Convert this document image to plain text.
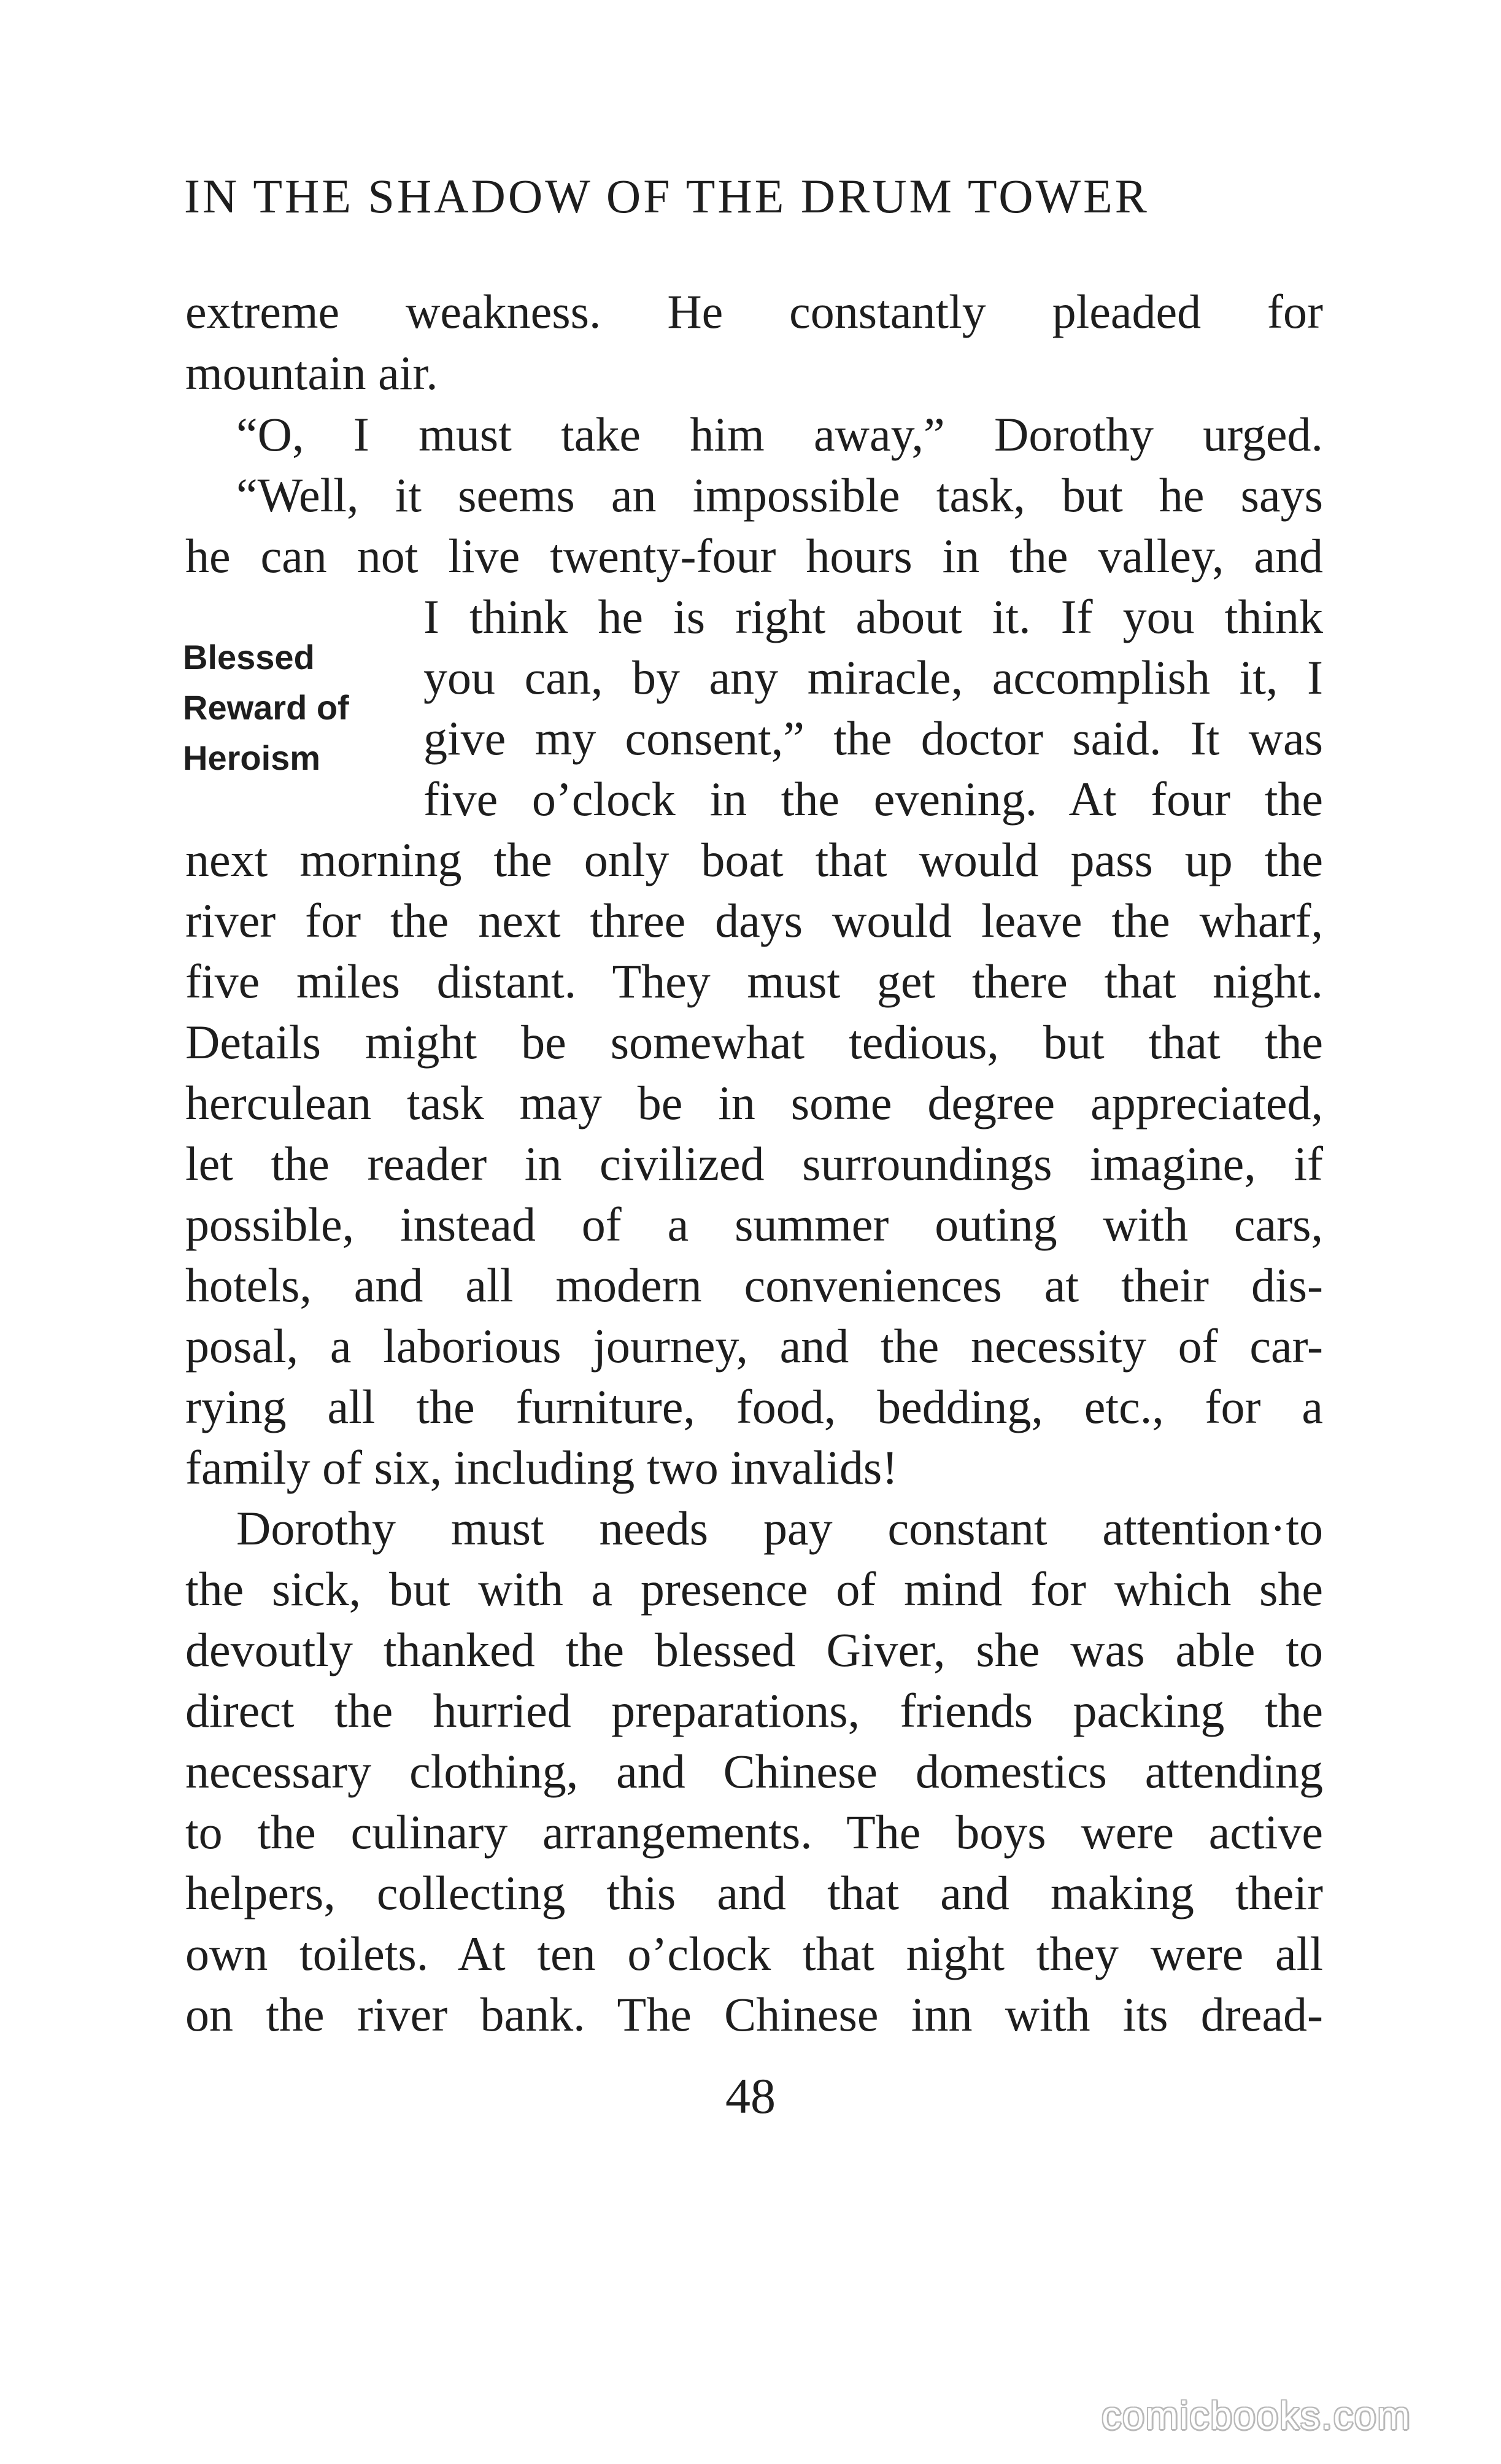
IN THE SHADOW OF THE DRUM TOWER
extreme weakness. He constantly pleaded for
mountain air.
“O, I must take him away,” Dorothy urged.
“Well, it seems an impossible task, but he says
he can not live twenty-four hours in the valley, and
I think he is right about it. If you think
you can, by any miracle, accomplish it, I
give my consent,” the doctor said. It was
five o’clock in the evening. At four the
Blessed
Reward of
Heroism
next morning the only boat that would pass up the
river for the next three days would leave the wharf,
five miles distant. They must get there that night.
Details might be somewhat tedious, but that the
herculean task may be in some degree appreciated,
let the reader in civilized surroundings imagine, if
possible, instead of a summer outing with cars,
hotels, and all modern conveniences at their dis-
posal, a laborious journey, and the necessity of car-
rying all the furniture, food, bedding, etc., for a
family of six, including two invalids!
Dorothy must needs pay constant attention·to
the sick, but with a presence of mind for which she
devoutly thanked the blessed Giver, she was able to
direct the hurried preparations, friends packing the
necessary clothing, and Chinese domestics attending
to the culinary arrangements. The boys were active
helpers, collecting this and that and making their
own toilets. At ten o’clock that night they were all
on the river bank. The Chinese inn with its dread-
48
comicbooks.com
